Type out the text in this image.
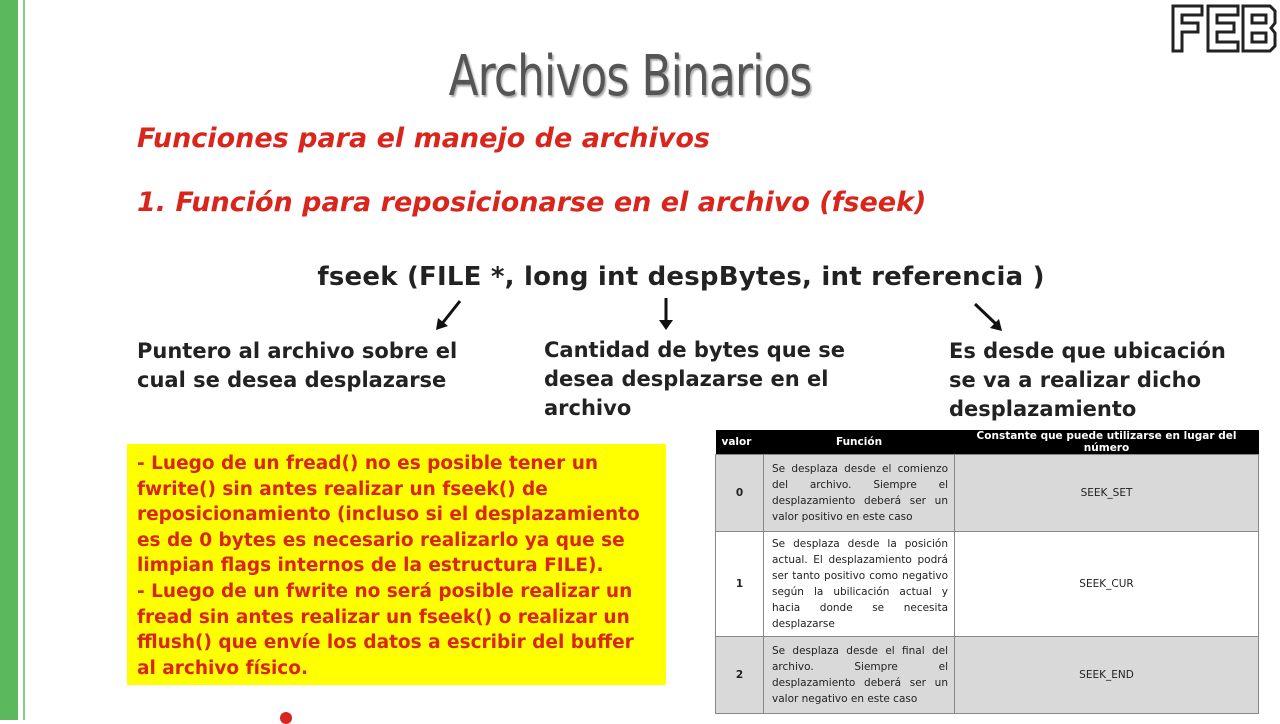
Archivos Binarios
Funciones para el manejo de archivos
1. Función para reposicionarse en el archivo (fseek)
fseek (FILE *, long int despBytes, int referencia )
Puntero al archivo sobre el cual se desea desplazarse
Cantidad de bytes que se desea desplazarse en el archivo
Es desde que ubicación se va a realizar dicho desplazamiento

- Luego de un fread() no es posible tener un fwrite() sin antes realizar un fseek() de reposicionamiento (incluso si el desplazamiento es de 0 bytes es necesario realizarlo ya que se limpian flags internos de la estructura FILE).

- Luego de un fwrite no será posible realizar un fread sin antes realizar un fseek() o realizar un fflush() que envíe los datos a escribir del buffer al archivo físico.

valor	Función	Constante que puede utilizarse en lugar del número
0	Se desplaza desde el comienzo del archivo. Siempre el desplazamiento deberá ser un valor positivo en este caso	SEEK_SET
1	Se desplaza desde la posición actual. El desplazamiento podrá ser tanto positivo como negativo según la ubilicación actual y hacia donde se necesita desplazarse	SEEK_CUR
2	Se desplaza desde el final del archivo. Siempre el desplazamiento deberá ser un valor negativo en este caso	SEEK_END
